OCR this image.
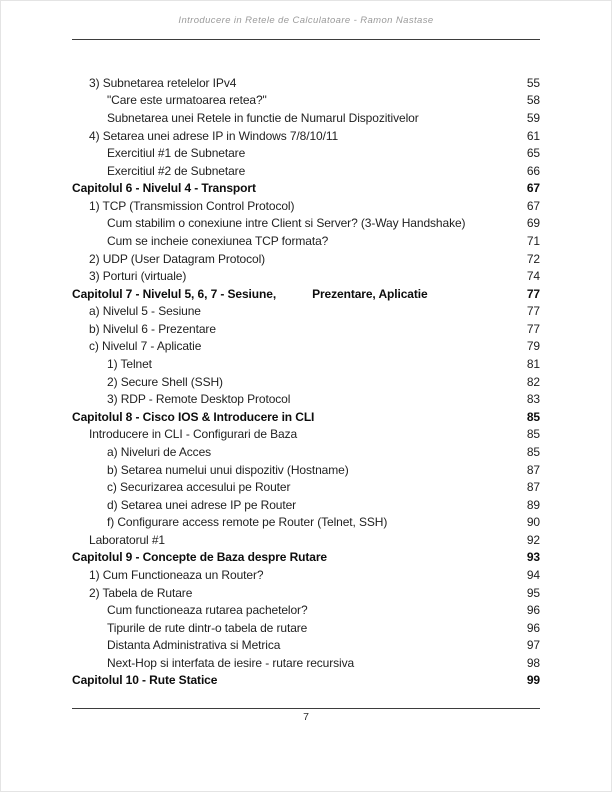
Introducere in Retele de Calculatoare - Ramon Nastase
3) Subnetarea retelelor IPv4	55
"Care este urmatoarea retea?"	58
Subnetarea unei Retele in functie de Numarul Dispozitivelor	59
4) Setarea unei adrese IP in Windows 7/8/10/11	61
Exercitiul #1 de Subnetare	65
Exercitiul #2 de Subnetare	66
Capitolul 6 - Nivelul 4 - Transport	67
1) TCP (Transmission Control Protocol)	67
Cum stabilim o conexiune intre Client si Server? (3-Way Handshake)	69
Cum se incheie conexiunea TCP formata?	71
2) UDP (User Datagram Protocol)	72
3) Porturi (virtuale)	74
Capitolul 7 - Nivelul 5, 6, 7 - Sesiune,	Prezentare, Aplicatie	77
a) Nivelul 5 - Sesiune	77
b) Nivelul 6 - Prezentare	77
c) Nivelul 7 - Aplicatie	79
1) Telnet	81
2) Secure Shell (SSH)	82
3) RDP - Remote Desktop Protocol	83
Capitolul 8 - Cisco IOS & Introducere in CLI	85
Introducere in CLI - Configurari de Baza	85
a) Niveluri de Acces	85
b) Setarea numelui unui dispozitiv (Hostname)	87
c) Securizarea accesului pe Router	87
d) Setarea unei adrese IP pe Router	89
f) Configurare access remote pe Router (Telnet, SSH)	90
Laboratorul #1	92
Capitolul 9 - Concepte de Baza despre Rutare	93
1) Cum Functioneaza un Router?	94
2) Tabela de Rutare	95
Cum functioneaza rutarea pachetelor?	96
Tipurile de rute dintr-o tabela de rutare	96
Distanta Administrativa si Metrica	97
Next-Hop si interfata de iesire - rutare recursiva	98
Capitolul 10 - Rute Statice	99
7
